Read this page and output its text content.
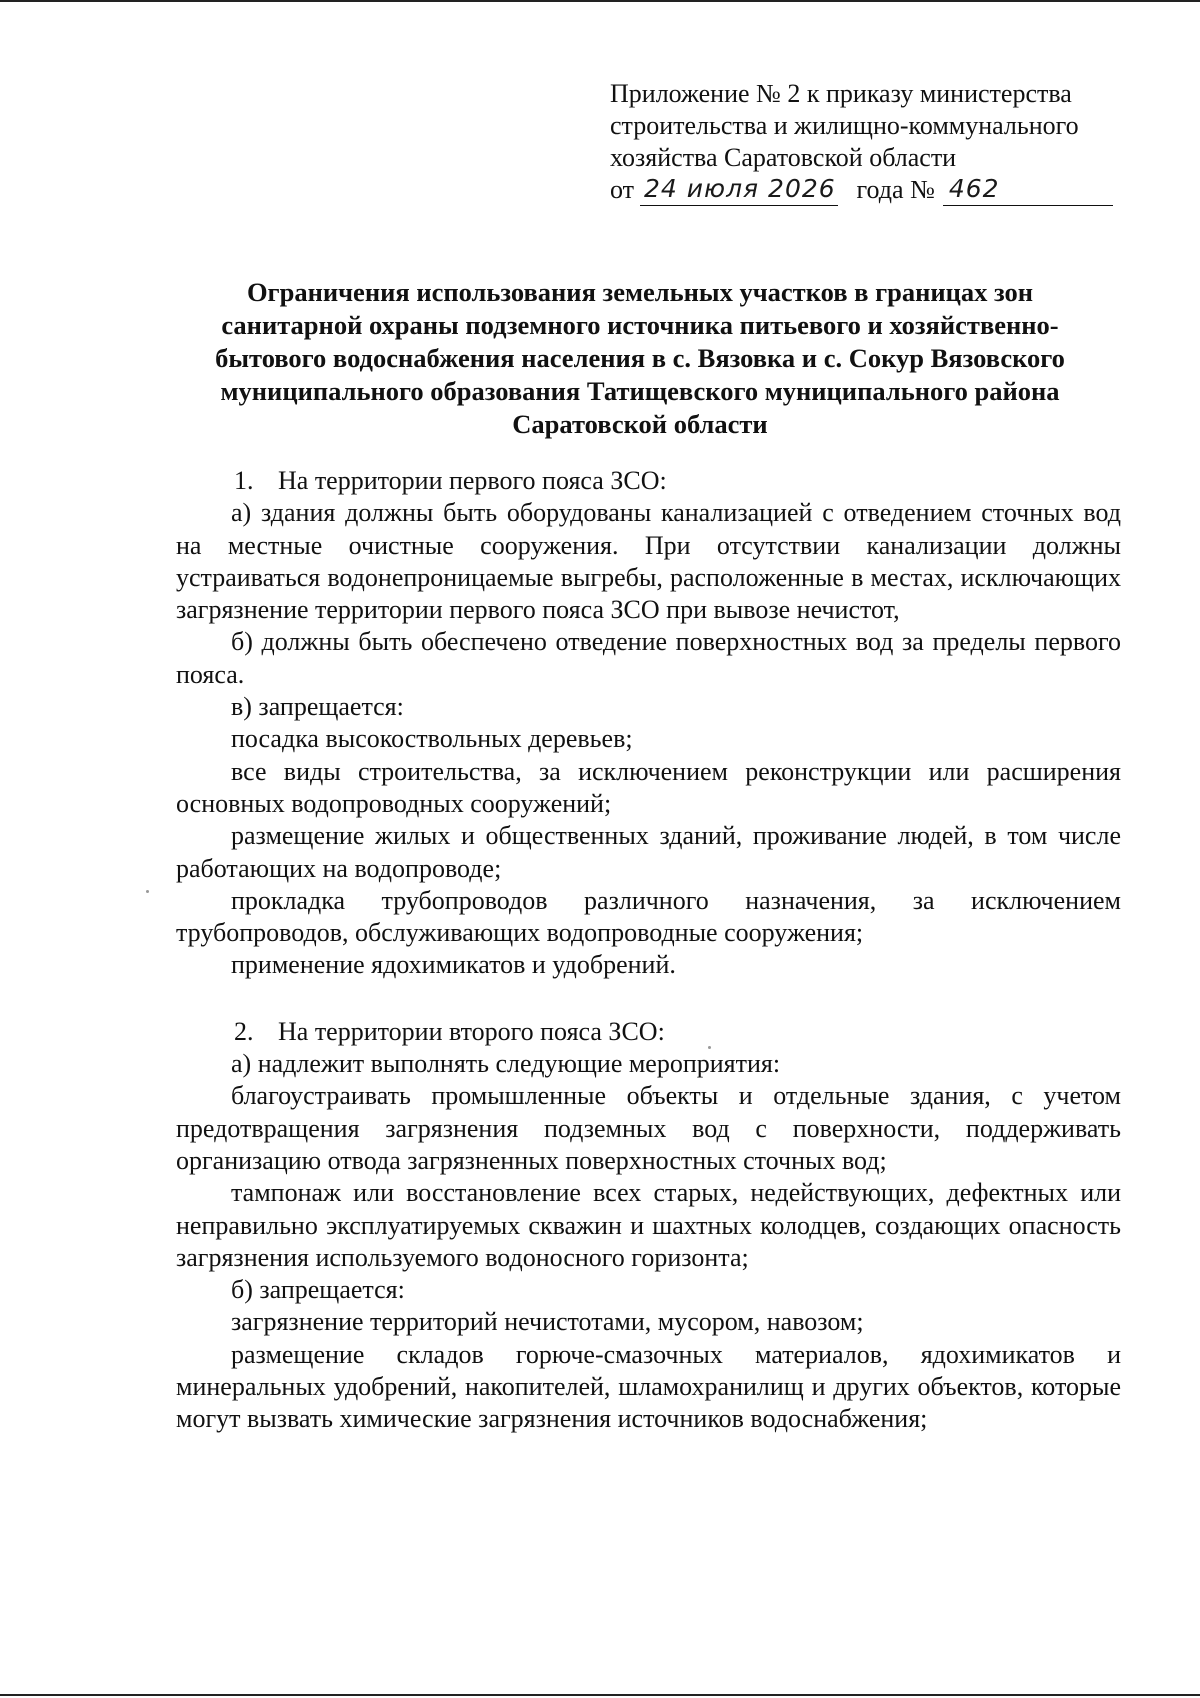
Приложение № 2 к приказу министерства
строительства и жилищно-коммунального
хозяйства Саратовской области
от 24 июля 2026 года № 462
Ограничения использования земельных участков в границах зон
санитарной охраны подземного источника питьевого и хозяйственно-
бытового водоснабжения населения в с. Вязовка и с. Сокур Вязовского
муниципального образования Татищевского муниципального района
Саратовской области

1. На территории первого пояса ЗСО:

а) здания должны быть оборудованы канализацией с отведением сточных вод на местные очистные сооружения. При отсутствии канализации должны устраиваться водонепроницаемые выгребы, расположенные в местах, исключающих загрязнение территории первого пояса ЗСО при вывозе нечистот,

б) должны быть обеспечено отведение поверхностных вод за пределы первого пояса.

в) запрещается:

посадка высокоствольных деревьев;

все виды строительства, за исключением реконструкции или расширения основных водопроводных сооружений;

размещение жилых и общественных зданий, проживание людей, в том числе работающих на водопроводе;

прокладка трубопроводов различного назначения, за исключением трубопроводов, обслуживающих водопроводные сооружения;

применение ядохимикатов и удобрений.

2. На территории второго пояса ЗСО:

а) надлежит выполнять следующие мероприятия:

благоустраивать промышленные объекты и отдельные здания, с учетом предотвращения загрязнения подземных вод с поверхности, поддерживать организацию отвода загрязненных поверхностных сточных вод;

тампонаж или восстановление всех старых, недействующих, дефектных или неправильно эксплуатируемых скважин и шахтных колодцев, создающих опасность загрязнения используемого водоносного горизонта;

б) запрещается:

загрязнение территорий нечистотами, мусором, навозом;

размещение складов горюче-смазочных материалов, ядохимикатов и минеральных удобрений, накопителей, шламохранилищ и других объектов, которые могут вызвать химические загрязнения источников водоснабжения;
